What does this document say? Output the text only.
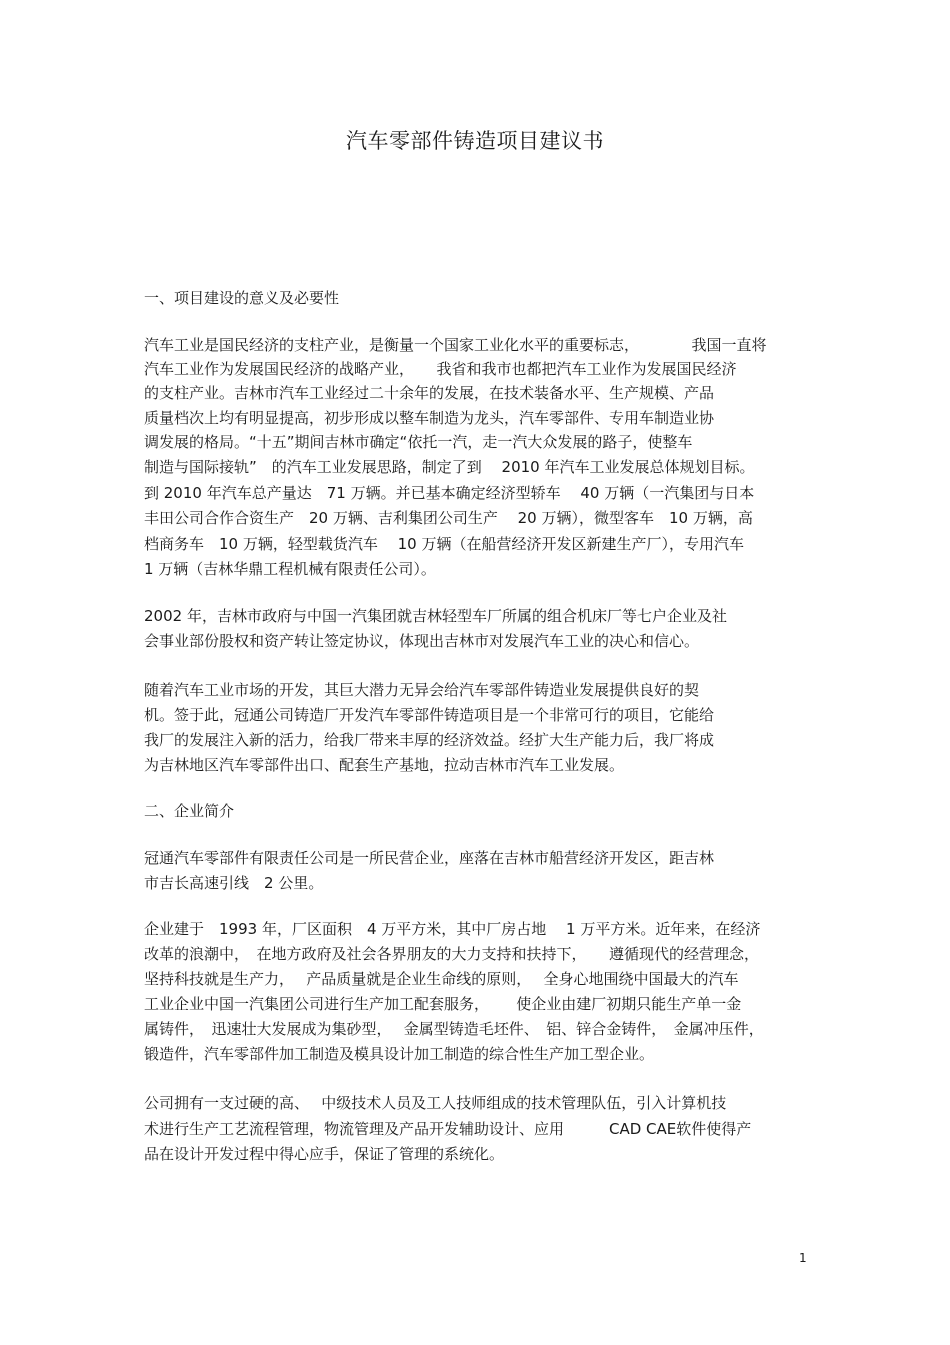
汽车零部件铸造项目建议书
一、项目建设的意义及必要性
汽车工业是国民经济的支柱产业，是衡量一个国家工业化水平的重要标志，　　　　我国一直将
汽车工业作为发展国民经济的战略产业，　　我省和我市也都把汽车工业作为发展国民经济
的支柱产业。吉林市汽车工业经过二十余年的发展，在技术装备水平、生产规模、产品
质量档次上均有明显提高，初步形成以整车制造为龙头，汽车零部件、专用车制造业协
调发展的格局。“十五”期间吉林市确定“依托一汽，走一汽大众发展的路子，使整车
制造与国际接轨”　的汽车工业发展思路，制定了到　 2010 年汽车工业发展总体规划目标。
到 2010 年汽车总产量达　71 万辆。并已基本确定经济型轿车　 40 万辆（一汽集团与日本
丰田公司合作合资生产　20 万辆、吉利集团公司生产　 20 万辆），微型客车　10 万辆，高
档商务车　10 万辆，轻型载货汽车　 10 万辆（在船营经济开发区新建生产厂），专用汽车
1 万辆（吉林华鼎工程机械有限责任公司）。
2002 年，吉林市政府与中国一汽集团就吉林轻型车厂所属的组合机床厂等七户企业及社
会事业部份股权和资产转让签定协议，体现出吉林市对发展汽车工业的决心和信心。
随着汽车工业市场的开发，其巨大潜力无异会给汽车零部件铸造业发展提供良好的契
机。签于此，冠通公司铸造厂开发汽车零部件铸造项目是一个非常可行的项目，它能给
我厂的发展注入新的活力，给我厂带来丰厚的经济效益。经扩大生产能力后，我厂将成
为吉林地区汽车零部件出口、配套生产基地，拉动吉林市汽车工业发展。
二、企业简介
冠通汽车零部件有限责任公司是一所民营企业，座落在吉林市船营经济开发区，距吉林
市吉长高速引线　2 公里。
企业建于　1993 年，厂区面积　4 万平方米，其中厂房占地　 1 万平方米。近年来，在经济
改革的浪潮中，　在地方政府及社会各界朋友的大力支持和扶持下，　　遵循现代的经营理念，
坚持科技就是生产力，　 产品质量就是企业生命线的原则，　 全身心地围绕中国最大的汽车
工业企业中国一汽集团公司进行生产加工配套服务，　　 使企业由建厂初期只能生产单一金
属铸件，　迅速壮大发展成为集砂型，　 金属型铸造毛坯件、　铝、锌合金铸件，　金属冲压件，
锻造件，汽车零部件加工制造及模具设计加工制造的综合性生产加工型企业。
公司拥有一支过硬的高、　 中级技术人员及工人技师组成的技术管理队伍，引入计算机技
术进行生产工艺流程管理，物流管理及产品开发辅助设计、应用　　　CAD CAE软件使得产
品在设计开发过程中得心应手，保证了管理的系统化。
1
